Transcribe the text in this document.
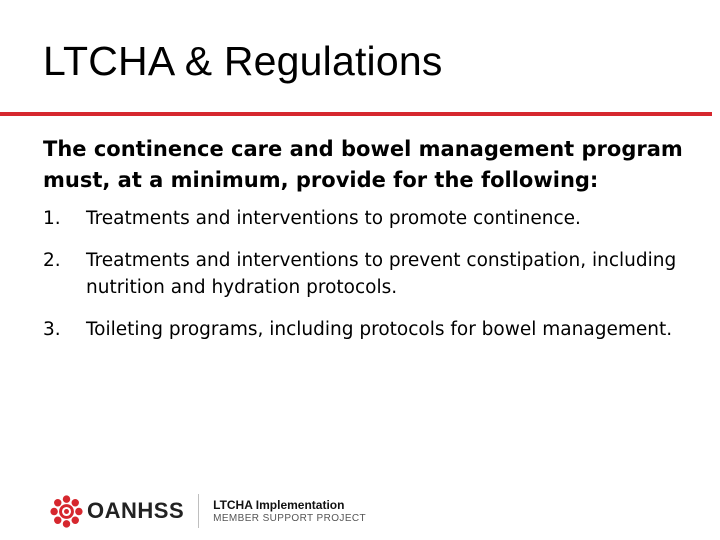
LTCHA & Regulations

The continence care and bowel management program must, at a minimum, provide for the following:

1.	Treatments and interventions to promote continence.
2.	Treatments and interventions to prevent constipation, including nutrition and hydration protocols.
3.	Toileting programs, including protocols for bowel management.
OANHSS LTCHA Implementation
MEMBER SUPPORT PROJECT
